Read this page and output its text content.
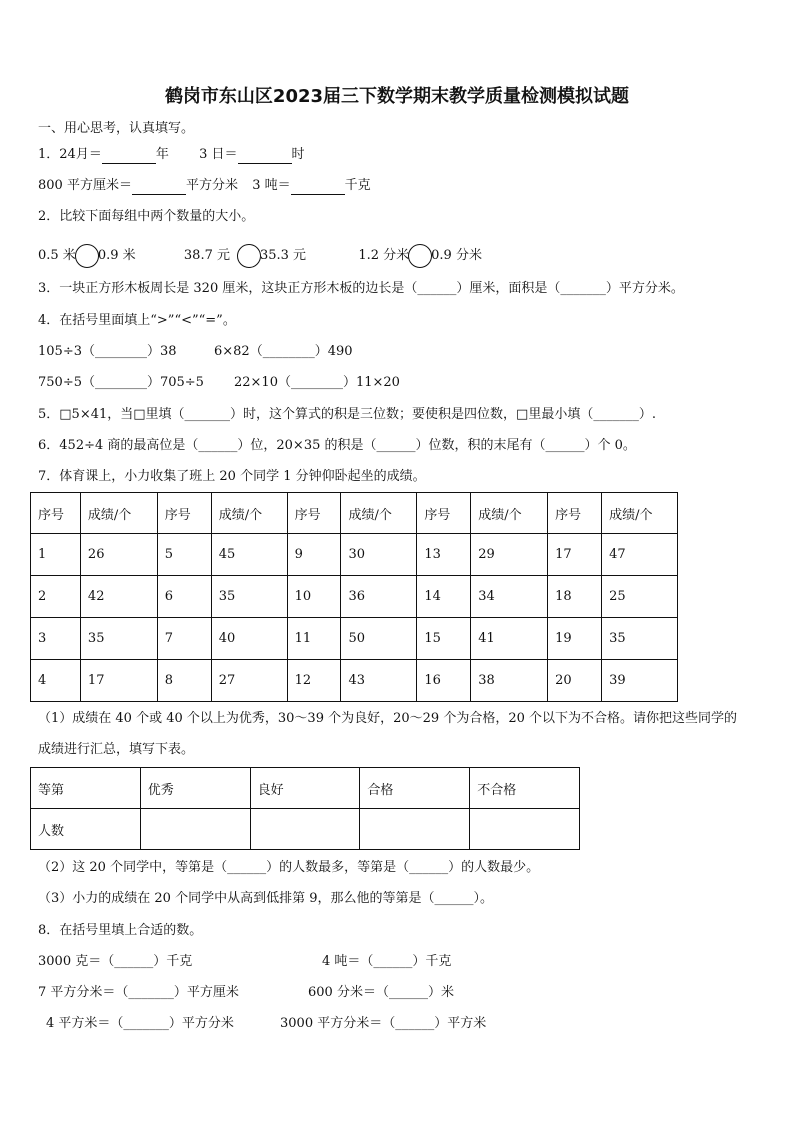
鹤岗市东山区2023届三下数学期末教学质量检测模拟试题
一、用心思考，认真填写。
1．24月＝	年 3 日＝	时
800 平方厘米＝	平方分米 3 吨＝	千克
2．比较下面每组中两个数量的大小。
0.5 米 0.9 米	38.7 元 35.3 元	1.2 分米 0.9 分米
3．一块正方形木板周长是 320 厘米，这块正方形木板的边长是（______）厘米，面积是（_______）平方分米。
4．在括号里面填上“>”“<”“=”。
105÷3（________）38	6×82（________）490
750÷5（________）705÷5 22×10（________）11×20
5．□5×41，当□里填（_______）时，这个算式的积是三位数；要使积是四位数，□里最小填（_______）.
6．452÷4 商的最高位是（______）位，20×35 的积是（______）位数，积的末尾有（______）个 0。
7．体育课上，小力收集了班上 20 个同学 1 分钟仰卧起坐的成绩。
序号	成绩/个	序号	成绩/个	序号	成绩/个	序号	成绩/个	序号	成绩/个
1	26	5	45	9	30	13	29	17	47
2	42	6	35	10	36	14	34	18	25
3	35	7	40	11	50	15	41	19	35
4	17	8	27	12	43	16	38	20	39
（1）成绩在 40 个或 40 个以上为优秀，30～39 个为良好，20～29 个为合格，20 个以下为不合格。请你把这些同学的
成绩进行汇总，填写下表。
等第	优秀	良好	合格	不合格
人数				
（2）这 20 个同学中，等第是（______）的人数最多，等第是（______）的人数最少。
（3）小力的成绩在 20 个同学中从高到低排第 9，那么他的等第是（______）。
8．在括号里填上合适的数。
3000 克＝（______）千克	4 吨＝（______）千克
7 平方分米＝（_______）平方厘米	600 分米＝（______）米
4 平方米＝（_______）平方分米	3000 平方分米＝（______）平方米
